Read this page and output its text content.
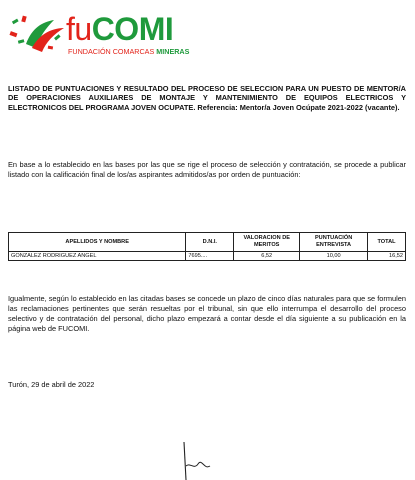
fuCOMI
FUNDACIÓN COMARCAS MINERAS

LISTADO DE PUNTUACIONES Y RESULTADO DEL PROCESO DE SELECCION PARA UN PUESTO DE MENTOR/A DE OPERACIONES AUXILIARES DE MONTAJE Y MANTENIMIENTO DE EQUIPOS ELECTRICOS Y ELECTRONICOS DEL PROGRAMA JOVEN OCUPATE. Referencia: Mentor/a Joven Ocúpate 2021-2022 (vacante).

En base a lo establecido en las bases por las que se rige el proceso de selección y contratación, se procede a publicar listado con la calificación final de los/as aspirantes admitidos/as por orden de puntuación:

APELLIDOS Y NOMBRE	D.N.I.	VALORACION DE MERITOS	PUNTUACIÓN ENTREVISTA	TOTAL
GONZALEZ RODRIGUEZ ANGEL	7695....	6,52	10,00	16,52

Igualmente, según lo establecido en las citadas bases se concede un plazo de cinco días naturales para que se formulen las reclamaciones pertinentes que serán resueltas por el tribunal, sin que ello interrumpa el desarrollo del proceso selectivo y de contratación del personal, dicho plazo empezará a contar desde el día siguiente a su publicación en la página web de FUCOMI.

Turón, 29 de abril de 2022
